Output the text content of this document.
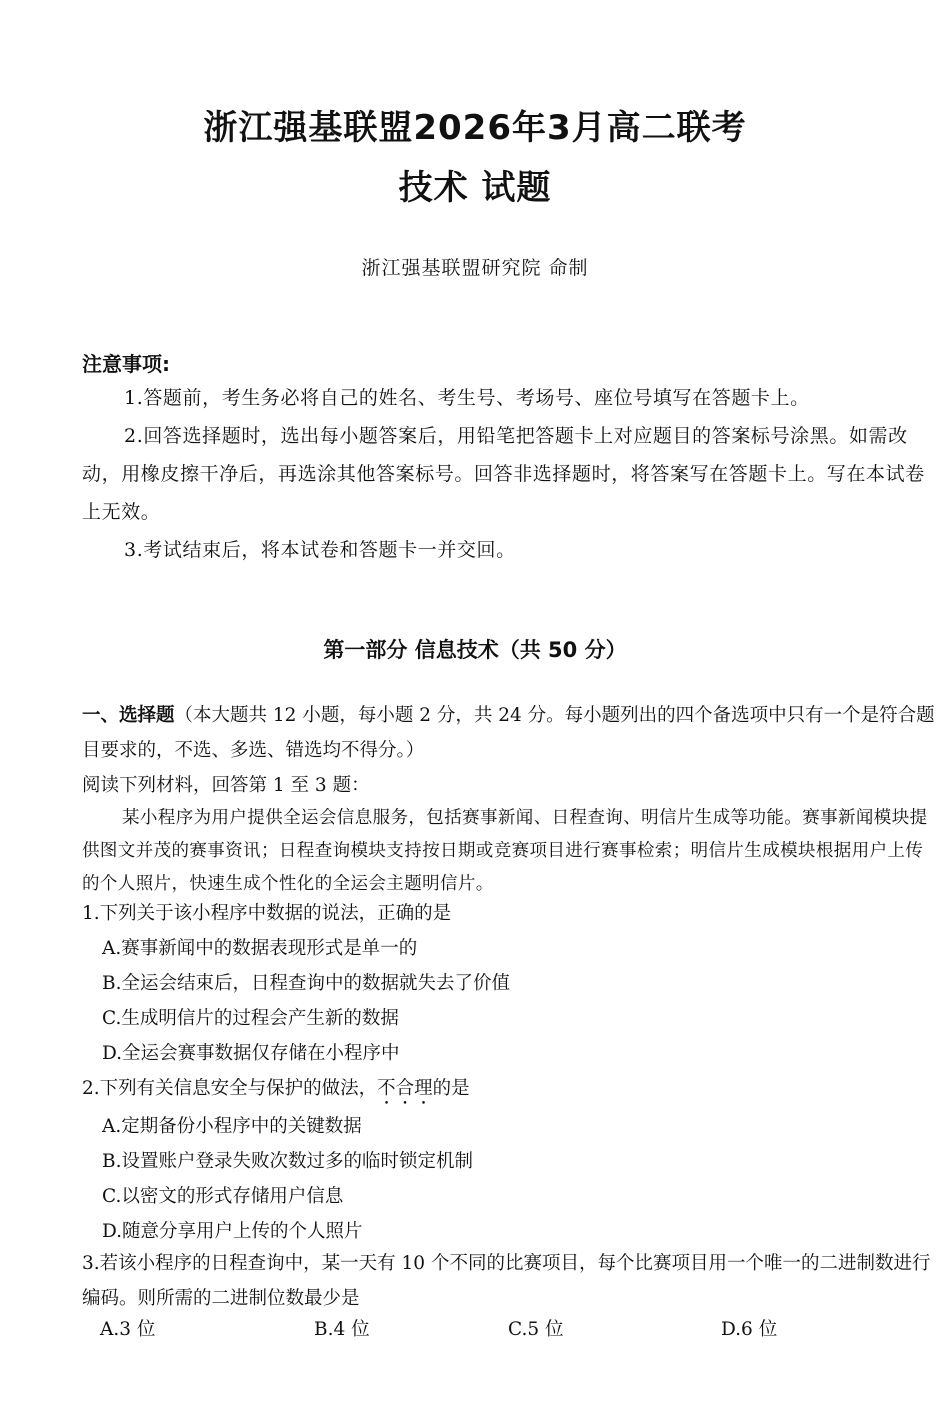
浙江强基联盟2026年3月高二联考
技术 试题
浙江强基联盟研究院 命制
注意事项:
1.答题前，考生务必将自己的姓名、考生号、考场号、座位号填写在答题卡上。
2.回答选择题时，选出每小题答案后，用铅笔把答题卡上对应题目的答案标号涂黑。如需改动，用橡皮擦干净后，再选涂其他答案标号。回答非选择题时，将答案写在答题卡上。写在本试卷上无效。
3.考试结束后，将本试卷和答题卡一并交回。
第一部分 信息技术（共 50 分）
一、选择题（本大题共 12 小题，每小题 2 分，共 24 分。每小题列出的四个备选项中只有一个是符合题目要求的，不选、多选、错选均不得分。）
阅读下列材料，回答第 1 至 3 题：
某小程序为用户提供全运会信息服务，包括赛事新闻、日程查询、明信片生成等功能。赛事新闻模块提供图文并茂的赛事资讯；日程查询模块支持按日期或竞赛项目进行赛事检索；明信片生成模块根据用户上传的个人照片，快速生成个性化的全运会主题明信片。
1.下列关于该小程序中数据的说法，正确的是
A.赛事新闻中的数据表现形式是单一的
B.全运会结束后，日程查询中的数据就失去了价值
C.生成明信片的过程会产生新的数据
D.全运会赛事数据仅存储在小程序中
2.下列有关信息安全与保护的做法，不合理的是
A.定期备份小程序中的关键数据
B.设置账户登录失败次数过多的临时锁定机制
C.以密文的形式存储用户信息
D.随意分享用户上传的个人照片
3.若该小程序的日程查询中，某一天有 10 个不同的比赛项目，每个比赛项目用一个唯一的二进制数进行编码。则所需的二进制位数最少是
A.3 位	B.4 位	C.5 位	D.6 位
